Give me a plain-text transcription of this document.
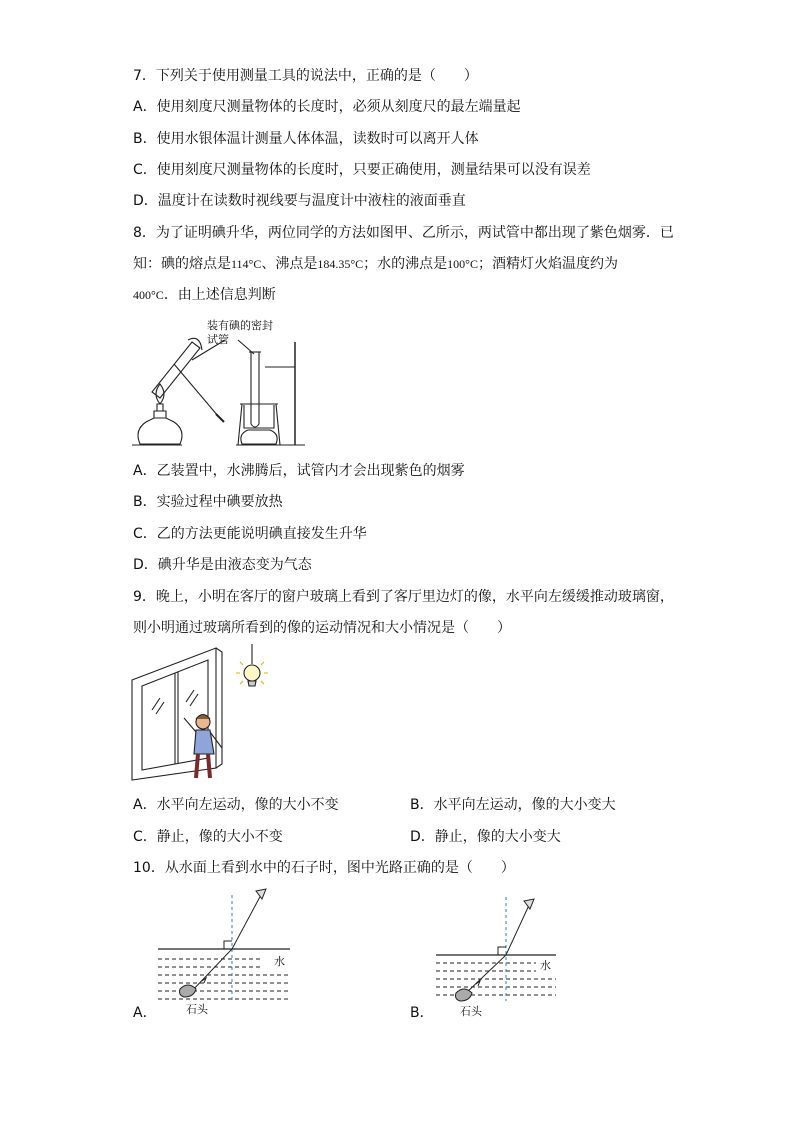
7．下列关于使用测量工具的说法中，正确的是（　　）
A．使用刻度尺测量物体的长度时，必须从刻度尺的最左端量起
B．使用水银体温计测量人体体温，读数时可以离开人体
C．使用刻度尺测量物体的长度时，只要正确使用，测量结果可以没有误差
D．温度计在读数时视线要与温度计中液柱的液面垂直
8．为了证明碘升华，两位同学的方法如图甲、乙所示，两试管中都出现了紫色烟雾．已
知：碘的熔点是114°C、沸点是184.35°C；水的沸点是100°C；酒精灯火焰温度约为
400°C．由上述信息判断
装有碘的密封
试管
A．乙装置中，水沸腾后，试管内才会出现紫色的烟雾
B．实验过程中碘要放热
C．乙的方法更能说明碘直接发生升华
D．碘升华是由液态变为气态
9．晚上，小明在客厅的窗户玻璃上看到了客厅里边灯的像，水平向左缓缓推动玻璃窗，
则小明通过玻璃所看到的像的运动情况和大小情况是（　　）
A．水平向左运动，像的大小不变	B．水平向左运动，像的大小变大
C．静止，像的大小不变	D．静止，像的大小变大
10．从水面上看到水中的石子时，图中光路正确的是（　　）
水
石头
A．
水
石头
B．
